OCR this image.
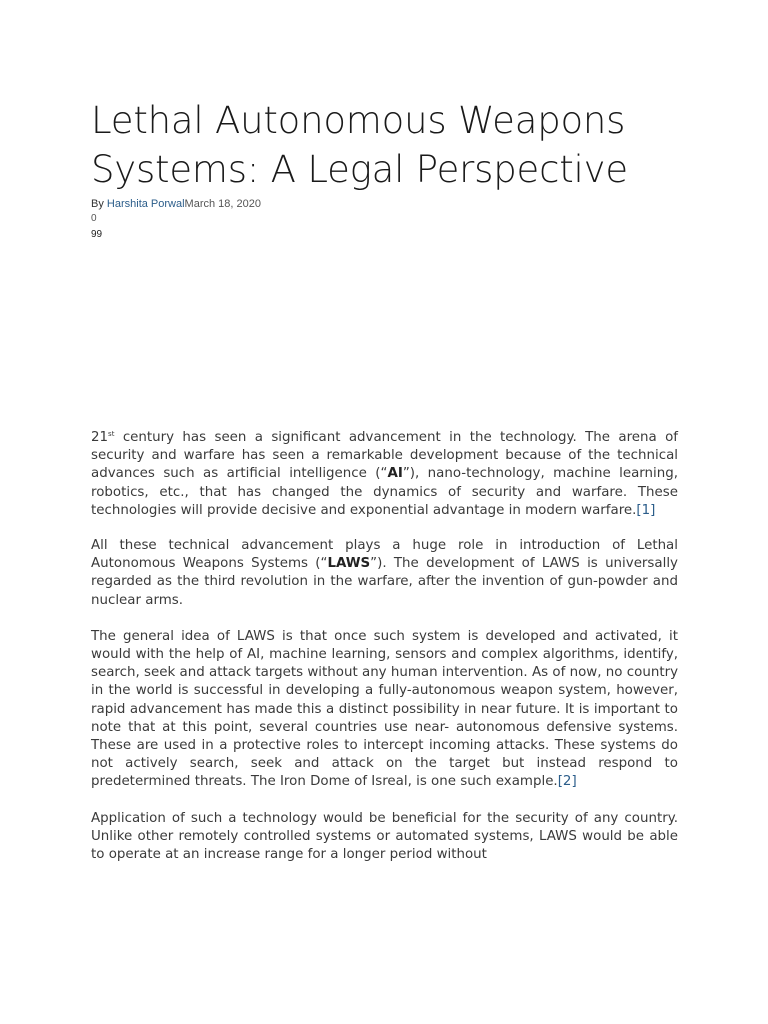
Lethal Autonomous Weapons Systems: A Legal Perspective
By Harshita PorwalMarch 18, 2020
0
99

21st century has seen a significant advancement in the technology. The arena of security and warfare has seen a remarkable development because of the technical advances such as artificial intelligence (“AI”), nano-technology, machine learning, robotics, etc., that has changed the dynamics of security and warfare. These technologies will provide decisive and exponential advantage in modern warfare.[1]

All these technical advancement plays a huge role in introduction of Lethal Autonomous Weapons Systems (“LAWS”). The development of LAWS is universally regarded as the third revolution in the warfare, after the invention of gun-powder and nuclear arms.

The general idea of LAWS is that once such system is developed and activated, it would with the help of AI, machine learning, sensors and complex algorithms, identify, search, seek and attack targets without any human intervention. As of now, no country in the world is successful in developing a fully-autonomous weapon system, however, rapid advancement has made this a distinct possibility in near future. It is important to note that at this point, several countries use near- autonomous defensive systems. These are used in a protective roles to intercept incoming attacks. These systems do not actively search, seek and attack on the target but instead respond to predetermined threats. The Iron Dome of Isreal, is one such example.[2]

Application of such a technology would be beneficial for the security of any country. Unlike other remotely controlled systems or automated systems, LAWS would be able to operate at an increase range for a longer period without
